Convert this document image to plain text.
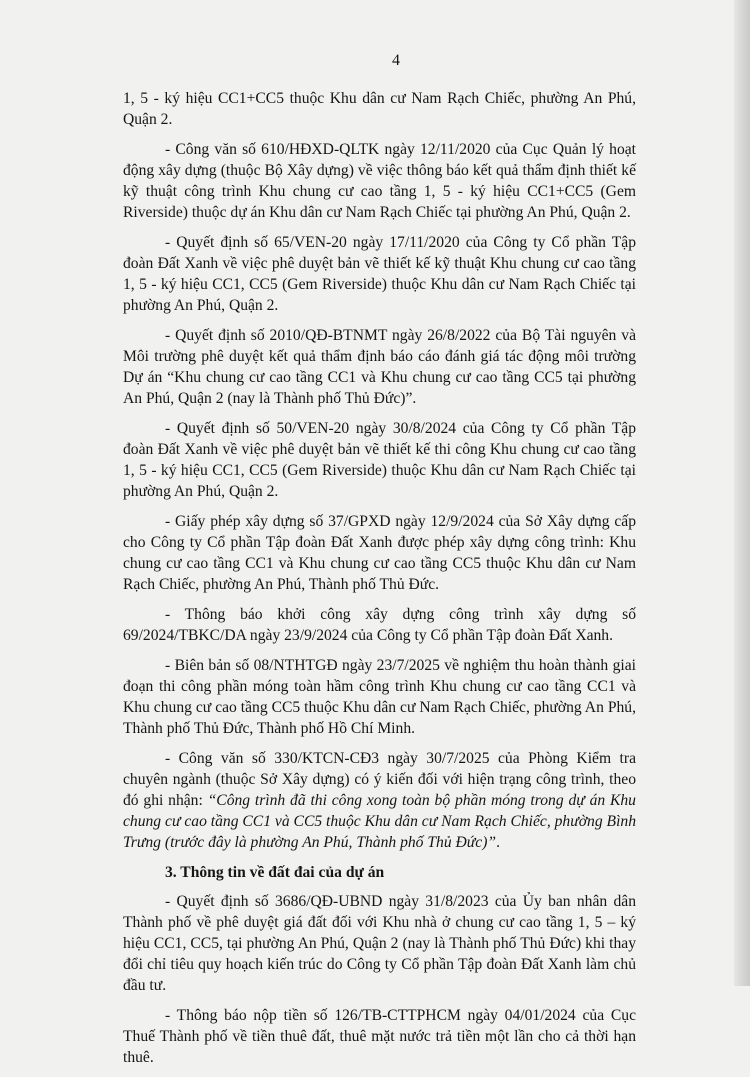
4

1, 5 - ký hiệu CC1+CC5 thuộc Khu dân cư Nam Rạch Chiếc, phường An Phú, Quận 2.

- Công văn số 610/HĐXD-QLTK ngày 12/11/2020 của Cục Quản lý hoạt động xây dựng (thuộc Bộ Xây dựng) về việc thông báo kết quả thẩm định thiết kế kỹ thuật công trình Khu chung cư cao tầng 1, 5 - ký hiệu CC1+CC5 (Gem Riverside) thuộc dự án Khu dân cư Nam Rạch Chiếc tại phường An Phú, Quận 2.

- Quyết định số 65/VEN-20 ngày 17/11/2020 của Công ty Cổ phần Tập đoàn Đất Xanh về việc phê duyệt bản vẽ thiết kế kỹ thuật Khu chung cư cao tầng 1, 5 - ký hiệu CC1, CC5 (Gem Riverside) thuộc Khu dân cư Nam Rạch Chiếc tại phường An Phú, Quận 2.

- Quyết định số 2010/QĐ-BTNMT ngày 26/8/2022 của Bộ Tài nguyên và Môi trường phê duyệt kết quả thẩm định báo cáo đánh giá tác động môi trường Dự án “Khu chung cư cao tầng CC1 và Khu chung cư cao tầng CC5 tại phường An Phú, Quận 2 (nay là Thành phố Thủ Đức)”.

- Quyết định số 50/VEN-20 ngày 30/8/2024 của Công ty Cổ phần Tập đoàn Đất Xanh về việc phê duyệt bản vẽ thiết kế thi công Khu chung cư cao tầng 1, 5 - ký hiệu CC1, CC5 (Gem Riverside) thuộc Khu dân cư Nam Rạch Chiếc tại phường An Phú, Quận 2.

- Giấy phép xây dựng số 37/GPXD ngày 12/9/2024 của Sở Xây dựng cấp cho Công ty Cổ phần Tập đoàn Đất Xanh được phép xây dựng công trình: Khu chung cư cao tầng CC1 và Khu chung cư cao tầng CC5 thuộc Khu dân cư Nam Rạch Chiếc, phường An Phú, Thành phố Thủ Đức.

- Thông báo khởi công xây dựng công trình xây dựng số 69/2024/TBKC/DA ngày 23/9/2024 của Công ty Cổ phần Tập đoàn Đất Xanh.

- Biên bản số 08/NTHTGĐ ngày 23/7/2025 về nghiệm thu hoàn thành giai đoạn thi công phần móng toàn hầm công trình Khu chung cư cao tầng CC1 và Khu chung cư cao tầng CC5 thuộc Khu dân cư Nam Rạch Chiếc, phường An Phú, Thành phố Thủ Đức, Thành phố Hồ Chí Minh.

- Công văn số 330/KTCN-CĐ3 ngày 30/7/2025 của Phòng Kiểm tra chuyên ngành (thuộc Sở Xây dựng) có ý kiến đối với hiện trạng công trình, theo đó ghi nhận: “Công trình đã thi công xong toàn bộ phần móng trong dự án Khu chung cư cao tầng CC1 và CC5 thuộc Khu dân cư Nam Rạch Chiếc, phường Bình Trưng (trước đây là phường An Phú, Thành phố Thủ Đức)”.

3. Thông tin về đất đai của dự án

- Quyết định số 3686/QĐ-UBND ngày 31/8/2023 của Ủy ban nhân dân Thành phố về phê duyệt giá đất đối với Khu nhà ở chung cư cao tầng 1, 5 – ký hiệu CC1, CC5, tại phường An Phú, Quận 2 (nay là Thành phố Thủ Đức) khi thay đổi chỉ tiêu quy hoạch kiến trúc do Công ty Cổ phần Tập đoàn Đất Xanh làm chủ đầu tư.

- Thông báo nộp tiền số 126/TB-CTTPHCM ngày 04/01/2024 của Cục Thuế Thành phố về tiền thuê đất, thuê mặt nước trả tiền một lần cho cả thời hạn thuê.
